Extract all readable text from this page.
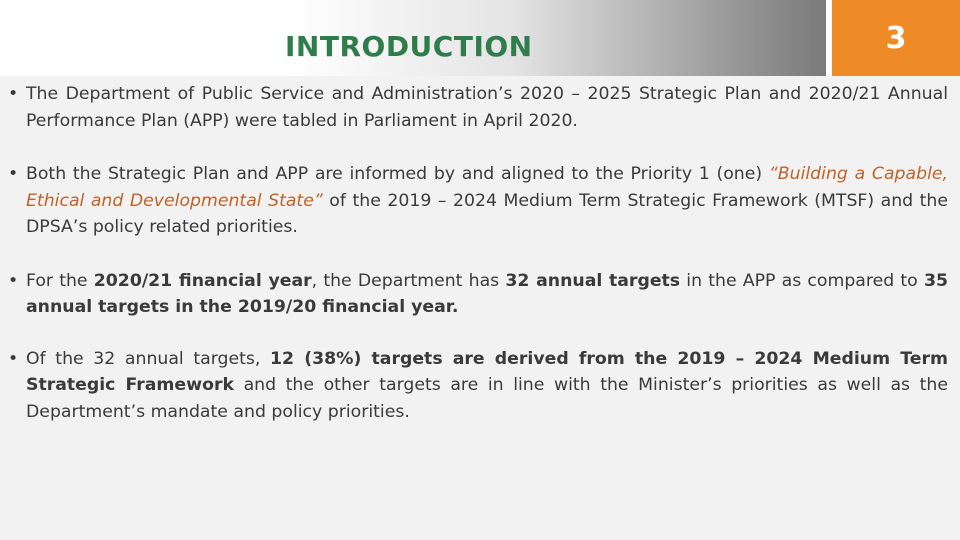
INTRODUCTION	3
• The Department of Public Service and Administration’s 2020 – 2025 Strategic Plan and 2020/21 Annual Performance Plan (APP) were tabled in Parliament in April 2020.
• Both the Strategic Plan and APP are informed by and aligned to the Priority 1 (one) “Building a Capable, Ethical and Developmental State” of the 2019 – 2024 Medium Term Strategic Framework (MTSF) and the DPSA’s policy related priorities.
• For the 2020/21 financial year, the Department has 32 annual targets in the APP as compared to 35 annual targets in the 2019/20 financial year.
• Of the 32 annual targets, 12 (38%) targets are derived from the 2019 – 2024 Medium Term Strategic Framework and the other targets are in line with the Minister’s priorities as well as the Department’s mandate and policy priorities.
